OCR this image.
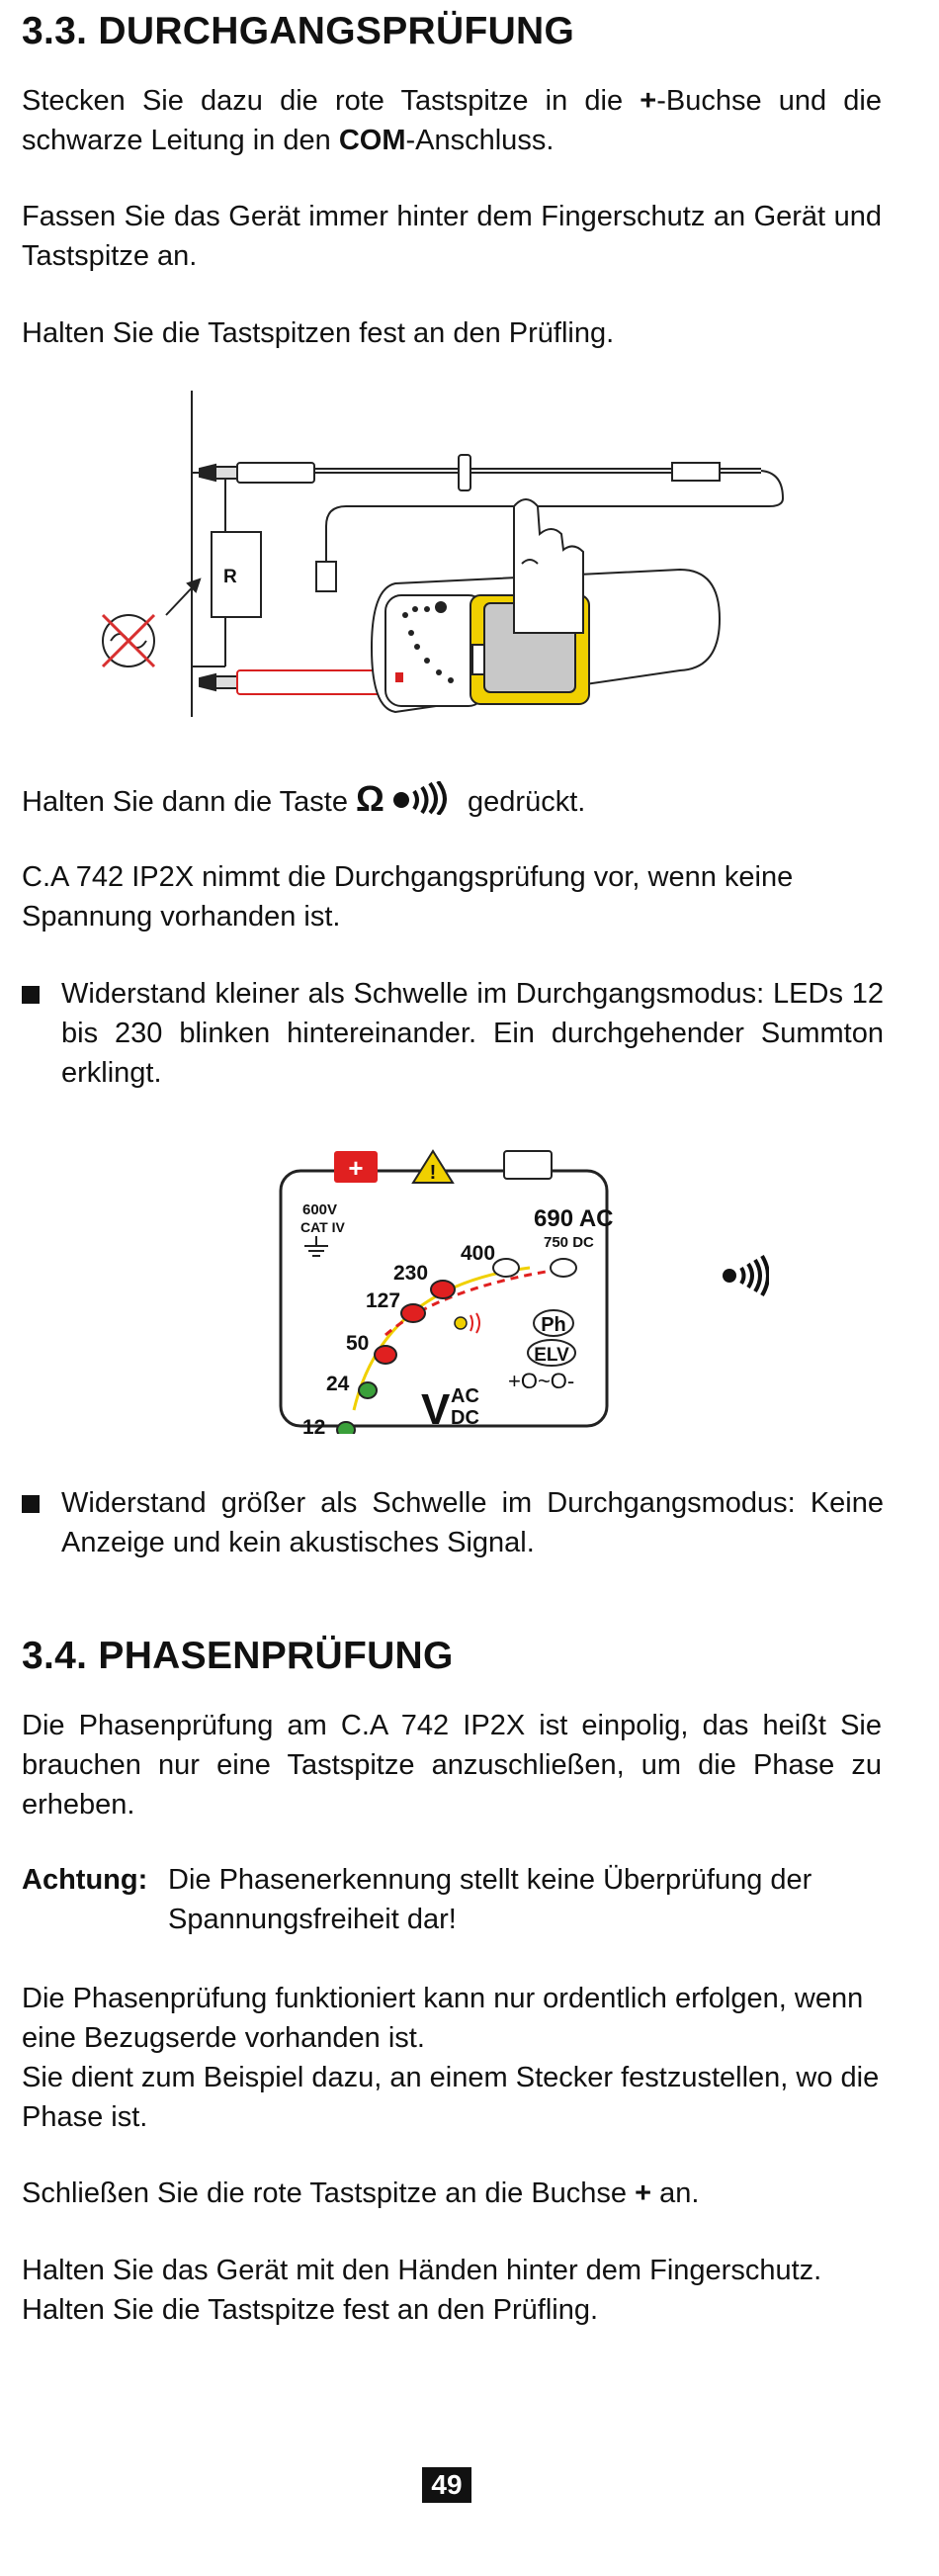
3.3. DURCHGANGSPRÜFUNG

Stecken Sie dazu die rote Tastspitze in die +-Buchse und die schwarze Leitung in den COM-Anschluss.

Fassen Sie das Gerät immer hinter dem Fingerschutz an Gerät und Tastspitze an.

Halten Sie die Tastspitzen fest an den Prüfling.

R

Halten Sie dann die Taste Ω	gedrückt.

C.A 742 IP2X nimmt die Durchgangsprüfung vor, wenn keine Spannung vorhanden ist.

Widerstand kleiner als Schwelle im Durchgangsmodus: LEDs 12 bis 230 blinken hintereinander. Ein durchgehender Summton erklingt.
+	!
600V
CAT IV	690 AC
750 DC
400
230
127
50
24
12
Ph
ELV
V AC
DC
+O~O-
Widerstand größer als Schwelle im Durchgangsmodus: Keine Anzeige und kein akustisches Signal.
3.4. PHASENPRÜFUNG

Die Phasenprüfung am C.A 742 IP2X ist einpolig, das heißt Sie brauchen nur eine Tastspitze anzuschließen, um die Phase zu erheben.

Achtung: Die Phasenerkennung stellt keine Überprüfung der Spannungsfreiheit dar!

Die Phasenprüfung funktioniert kann nur ordentlich erfolgen, wenn eine Bezugserde vorhanden ist.

Sie dient zum Beispiel dazu, an einem Stecker festzustellen, wo die Phase ist.

Schließen Sie die rote Tastspitze an die Buchse + an.

Halten Sie das Gerät mit den Händen hinter dem Fingerschutz. Halten Sie die Tastspitze fest an den Prüfling.

49
